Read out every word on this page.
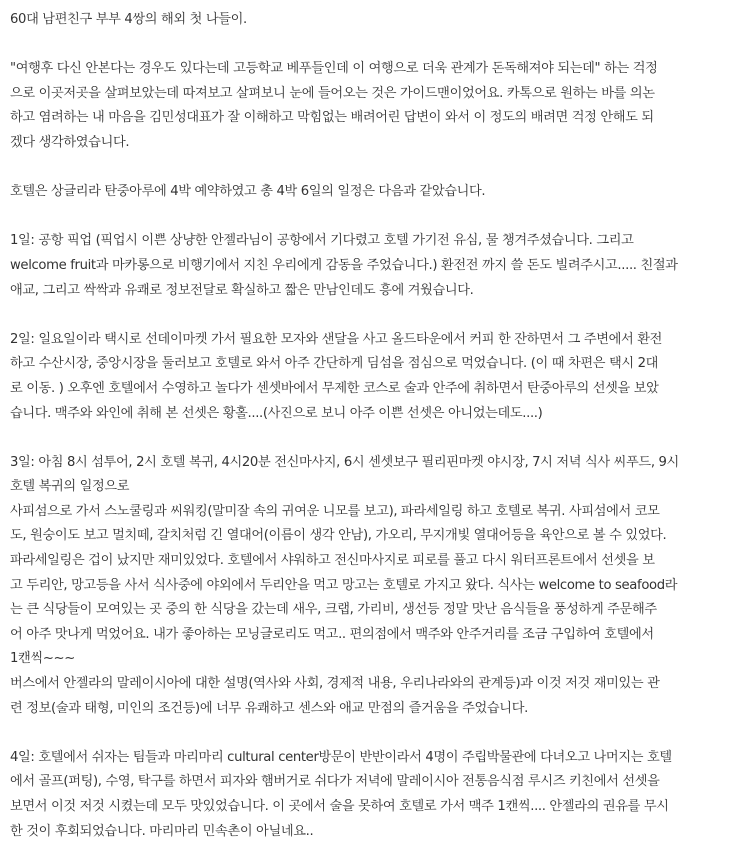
60대 남편친구 부부 4쌍의 해외 첫 나들이.

"여행후 다신 안본다는 경우도 있다는데 고등학교 베푸들인데 이 여행으로 더욱 관계가 돈독해져야 되는데" 하는 걱정
으로 이곳저곳을 살펴보았는데 따져보고 살펴보니 눈에 들어오는 것은 가이드맨이었어요. 카톡으로 원하는 바를 의논
하고 염려하는 내 마음을 김민성대표가 잘 이해하고 막힘없는 배려어린 답변이 와서 이 정도의 배려면 걱정 안해도 되
겠다 생각하였습니다.
호텔은 상글리라 탄중아루에 4박 예약하였고 총 4박 6일의 일정은 다음과 같았습니다.
1일: 공항 픽업 (픽업시 이쁜 상냥한 안젤라님이 공항에서 기다렸고 호텔 가기전 유심, 물 챙겨주셨습니다. 그리고
welcome fruit과 마카롱으로 비행기에서 지친 우리에게 감동을 주었습니다.) 환전전 까지 쓸 돈도 빌려주시고..... 친절과
애교, 그리고 싹싹과 유쾌로 정보전달로 확실하고 짧은 만남인데도 흥에 겨웠습니다.
2일: 일요일이라 택시로 선데이마켓 가서 필요한 모자와 샌달을 사고 올드타운에서 커피 한 잔하면서 그 주변에서 환전
하고 수산시장, 중앙시장을 둘러보고 호텔로 와서 아주 간단하게 딤섬을 점심으로 먹었습니다. (이 때 차편은 택시 2대
로 이동. ) 오후엔 호텔에서 수영하고 놀다가 센셋바에서 무제한 코스로 술과 안주에 취하면서 탄중아루의 선셋을 보았
습니다. 맥주와 와인에 취해 본 선셋은 황홀....(사진으로 보니 아주 이쁜 선셋은 아니었는데도....)
3일: 아침 8시 섬투어, 2시 호텔 복귀, 4시20분 전신마사지, 6시 센셋보구 필리핀마켓 야시장, 7시 저녁 식사 씨푸드, 9시
호텔 복귀의 일정으로
사피섬으로 가서 스노쿨링과 씨워킹(말미잘 속의 귀여운 니모를 보고), 파라세일링 하고 호텔로 복귀. 사피섬에서 코모
도, 원숭이도 보고 멀치떼, 갈치처럼 긴 열대어(이름이 생각 안남), 가오리, 무지개빛 열대어등을 육안으로 볼 수 있었다.
파라세일링은 겁이 났지만 재미있었다. 호텔에서 샤워하고 전신마사지로 피로를 풀고 다시 워터프론트에서 선셋을 보
고 두리안, 망고등을 사서 식사중에 야외에서 두리안을 먹고 망고는 호텔로 가지고 왔다. 식사는 welcome to seafood라
는 큰 식당들이 모여있는 곳 중의 한 식당을 갔는데 새우, 크랩, 가리비, 생선등 정말 맛난 음식들을 풍성하게 주문해주
어 아주 맛나게 먹었어요. 내가 좋아하는 모닝글로리도 먹고.. 편의점에서 맥주와 안주거리를 조금 구입하여 호텔에서
1캔씩~~~
버스에서 안젤라의 말레이시아에 대한 설명(역사와 사회, 경제적 내용, 우리나라와의 관계등)과 이것 저것 재미있는 관
련 정보(술과 태형, 미인의 조건등)에 너무 유쾌하고 센스와 애교 만점의 즐거움을 주었습니다.
4일: 호텔에서 쉬자는 팀들과 마리마리 cultural center방문이 반반이라서 4명이 주립박물관에 다녀오고 나머지는 호텔
에서 골프(퍼팅), 수영, 탁구를 하면서 피자와 햄버거로 쉬다가 저녁에 말레이시아 전통음식점 루시즈 키친에서 선셋을
보면서 이것 저것 시켰는데 모두 맛있었습니다. 이 곳에서 술을 못하여 호텔로 가서 맥주 1캔씩.... 안젤라의 권유를 무시
한 것이 후회되었습니다. 마리마리 민속촌이 아닐네요..
